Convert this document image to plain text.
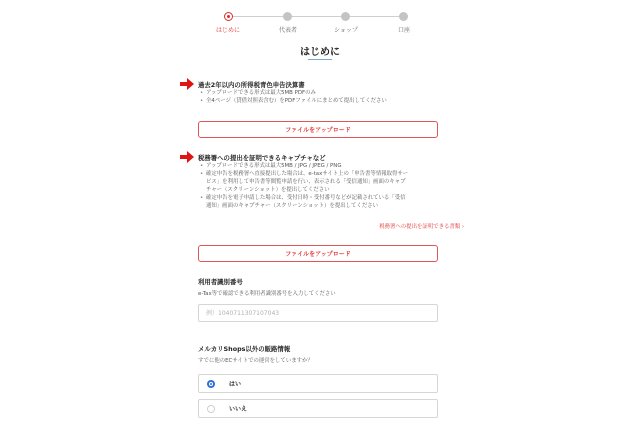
はじめに	代表者	ショップ	口座
はじめに
過去2年以内の所得税青色申告決算書
• アップロードできる形式は最大5MB PDFのみ
• 全4ページ（貸借対照表含む）をPDFファイルにまとめて提出してください
ファイルをアップロード
税務署への提出を証明できるキャプチャなど
• アップロードできる形式は最大5MB / JPG / JPEG / PNG
• 確定申告を税務署へ直接提出した場合は、e-taxサイト上の「申告書等情報取得サー
ビス」を利用して申告書等閲覧申請を行い、表示される「受信通知」画面のキャプ
チャー（スクリーンショット）を提出してください
• 確定申告を電子申請した場合は、受付日時・受付番号などが記載されている「受信
通知」画面のキャプチャー（スクリーンショット）を提出してください
税務署への提出を証明できる書類 ›
ファイルをアップロード
利用者識別番号
e-Tax等で確認できる利用者識別番号を入力してください
例）1040711307107043
メルカリShops以外の販路情報
すでに他のECサイトでの運営をしていますか？
はい
いいえ
